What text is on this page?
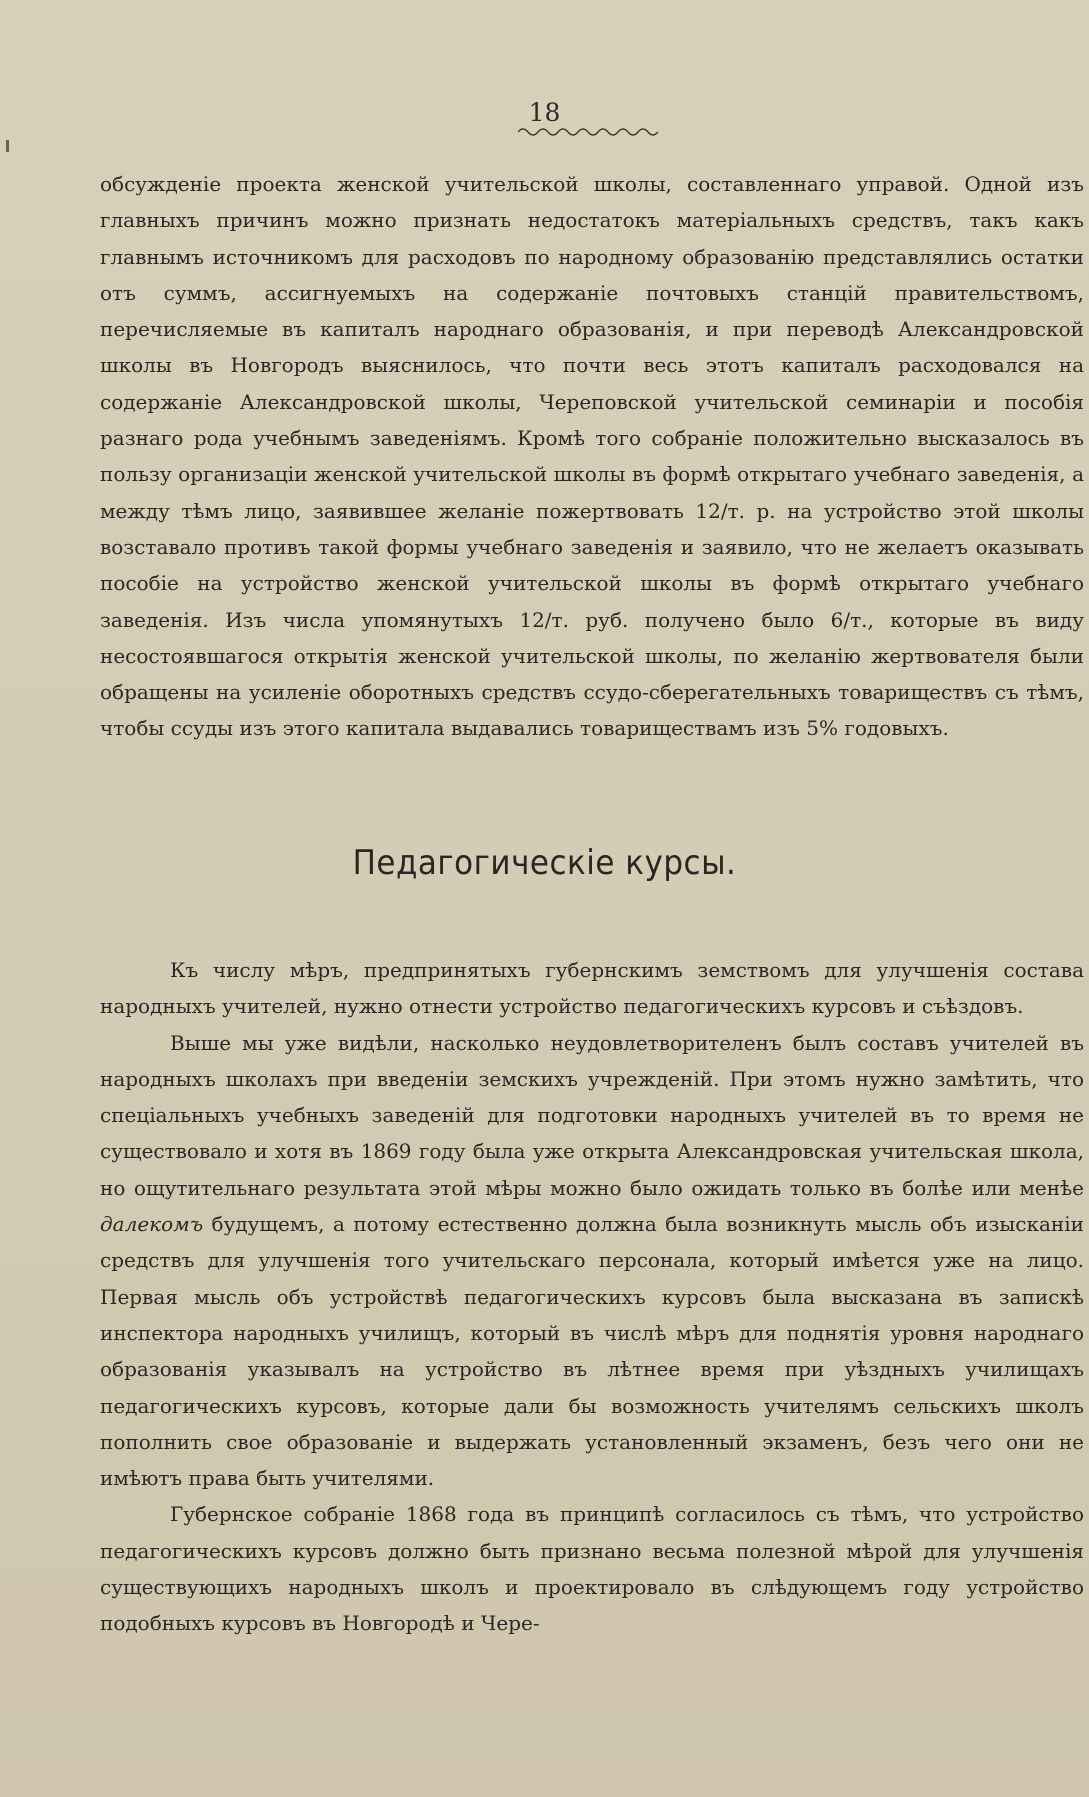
18

обсужденіе проекта женской учительской школы, составленнаго управой. Одной изъ главныхъ причинъ можно признать недостатокъ матеріальныхъ средствъ, такъ какъ главнымъ источникомъ для расходовъ по народному образованію представлялись остатки отъ суммъ, ассигнуемыхъ на содержаніе почтовыхъ станцій правительствомъ, перечисляемые въ капиталъ народнаго образованія, и при переводѣ Александровской школы въ Новгородъ выяснилось, что почти весь этотъ капиталъ расходовался на содержаніе Александровской школы, Череповской учительской семинаріи и пособія разнаго рода учебнымъ заведеніямъ. Кромѣ того собраніе положительно высказалось въ пользу организаціи женской учительской школы въ формѣ открытаго учебнаго заведенія, а между тѣмъ лицо, заявившее желаніе пожертвовать 12/т. р. на устройство этой школы возставало противъ такой формы учебнаго заведенія и заявило, что не желаетъ оказывать пособіе на устройство женской учительской школы въ формѣ открытаго учебнаго заведенія. Изъ числа упомянутыхъ 12/т. руб. получено было 6/т., которые въ виду несостоявшагося открытія женской учительской школы, по желанію жертвователя были обращены на усиленіе оборотныхъ средствъ ссудо-сберегательныхъ товариществъ съ тѣмъ, чтобы ссуды изъ этого капитала выдавались товариществамъ изъ 5% годовыхъ.

Педагогическіе курсы.

Къ числу мѣръ, предпринятыхъ губернскимъ земствомъ для улучшенія состава народныхъ учителей, нужно отнести устройство педагогическихъ курсовъ и съѣздовъ.

Выше мы уже видѣли, насколько неудовлетворителенъ былъ составъ учителей въ народныхъ школахъ при введеніи земскихъ учрежденій. При этомъ нужно замѣтить, что спеціальныхъ учебныхъ заведеній для подготовки народныхъ учителей въ то время не существовало и хотя въ 1869 году была уже открыта Александровская учительская школа, но ощутительнаго результата этой мѣры можно было ожидать только въ болѣе или менѣе далекомъ будущемъ, а потому естественно должна была возникнуть мысль объ изысканіи средствъ для улучшенія того учительскаго персонала, который имѣется уже на лицо. Первая мысль объ устройствѣ педагогическихъ курсовъ была высказана въ запискѣ инспектора народныхъ училищъ, который въ числѣ мѣръ для поднятія уровня народнаго образованія указывалъ на устройство въ лѣтнее время при уѣздныхъ училищахъ педагогическихъ курсовъ, которые дали бы возможность учителямъ сельскихъ школъ пополнить свое образованіе и выдержать установленный экзаменъ, безъ чего они не имѣютъ права быть учителями.

Губернское собраніе 1868 года въ принципѣ согласилось съ тѣмъ, что устройство педагогическихъ курсовъ должно быть признано весьма полезной мѣрой для улучшенія существующихъ народныхъ школъ и проектировало въ слѣдующемъ году устройство подобныхъ курсовъ въ Новгородѣ и Чере-
